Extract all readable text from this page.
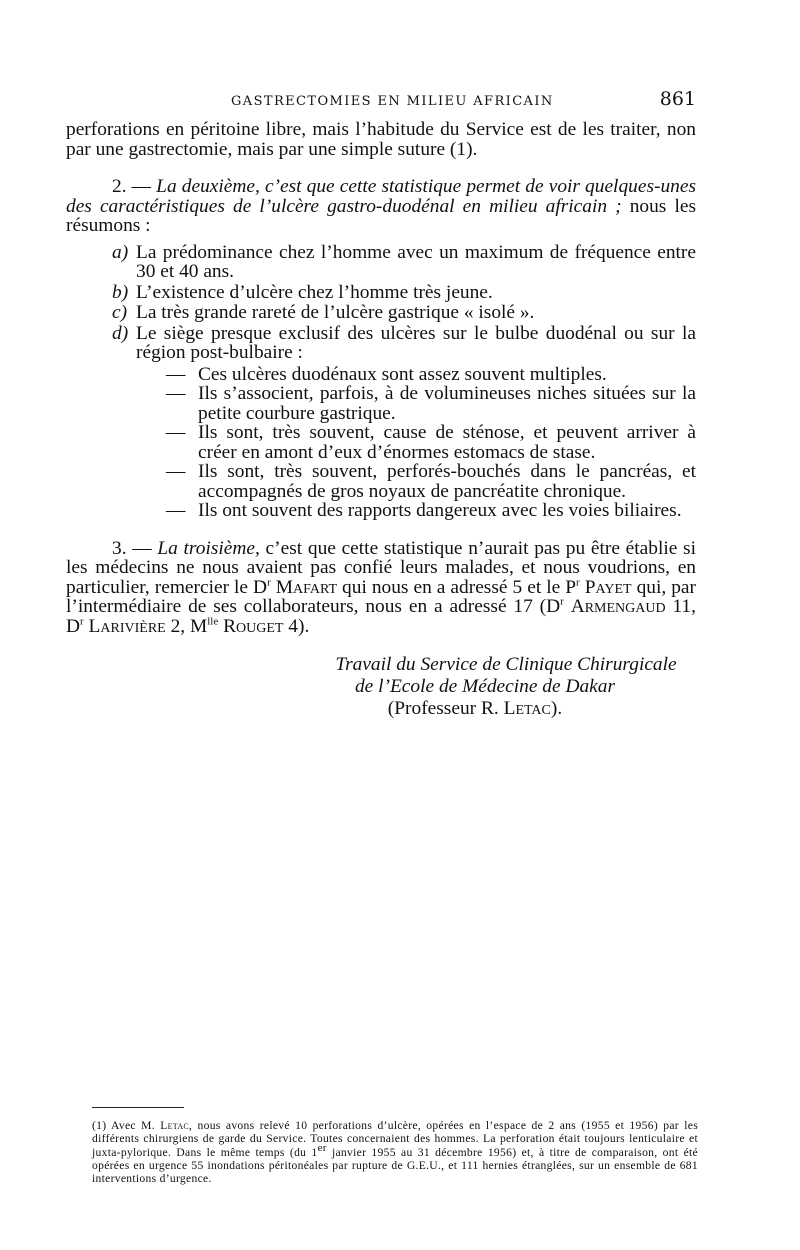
GASTRECTOMIES EN MILIEU AFRICAIN	861

perforations en péritoine libre, mais l’habitude du Service est de les traiter, non par une gastrectomie, mais par une simple suture (1).

2. — La deuxième, c’est que cette statistique permet de voir quelques-unes des caractéristiques de l’ulcère gastro-duodénal en milieu africain ; nous les résumons :

a) La prédominance chez l’homme avec un maximum de fréquence entre 30 et 40 ans.
b) L’existence d’ulcère chez l’homme très jeune.
c) La très grande rareté de l’ulcère gastrique « isolé ».
d) Le siège presque exclusif des ulcères sur le bulbe duodénal ou sur la région post-bulbaire :
— Ces ulcères duodénaux sont assez souvent multiples.
— Ils s’associent, parfois, à de volumineuses niches situées sur la petite courbure gastrique.
— Ils sont, très souvent, cause de sténose, et peuvent arriver à créer en amont d’eux d’énormes estomacs de stase.
— Ils sont, très souvent, perforés-bouchés dans le pancréas, et accompagnés de gros noyaux de pancréatite chronique.
— Ils ont souvent des rapports dangereux avec les voies biliaires.

3. — La troisième, c’est que cette statistique n’aurait pas pu être établie si les médecins ne nous avaient pas confié leurs malades, et nous voudrions, en particulier, remercier le $D^r$ Mafart qui nous en a adressé 5 et le $P^r$ Payet qui, par l’intermédiaire de ses collaborateurs, nous en a adressé 17 ($D^r$ Armengaud 11, $D^r$ Larivière 2, $M^{lle}$ Rouget 4).

Travail du Service de Clinique Chirurgicale
de l’Ecole de Médecine de Dakar
(Professeur R. Letac).
(1) Avec M. Letac, nous avons relevé 10 perforations d’ulcère, opérées en l’espace de 2 ans (1955 et 1956) par les différents chirurgiens de garde du Service. Toutes concernaient des hommes. La perforation était toujours lenticulaire et juxta-pylorique. Dans le même temps (du 1er janvier 1955 au 31 décembre 1956) et, à titre de comparaison, ont été opérées en urgence 55 inondations péritonéales par rupture de G.E.U., et 111 hernies étranglées, sur un ensemble de 681 interventions d’urgence.
